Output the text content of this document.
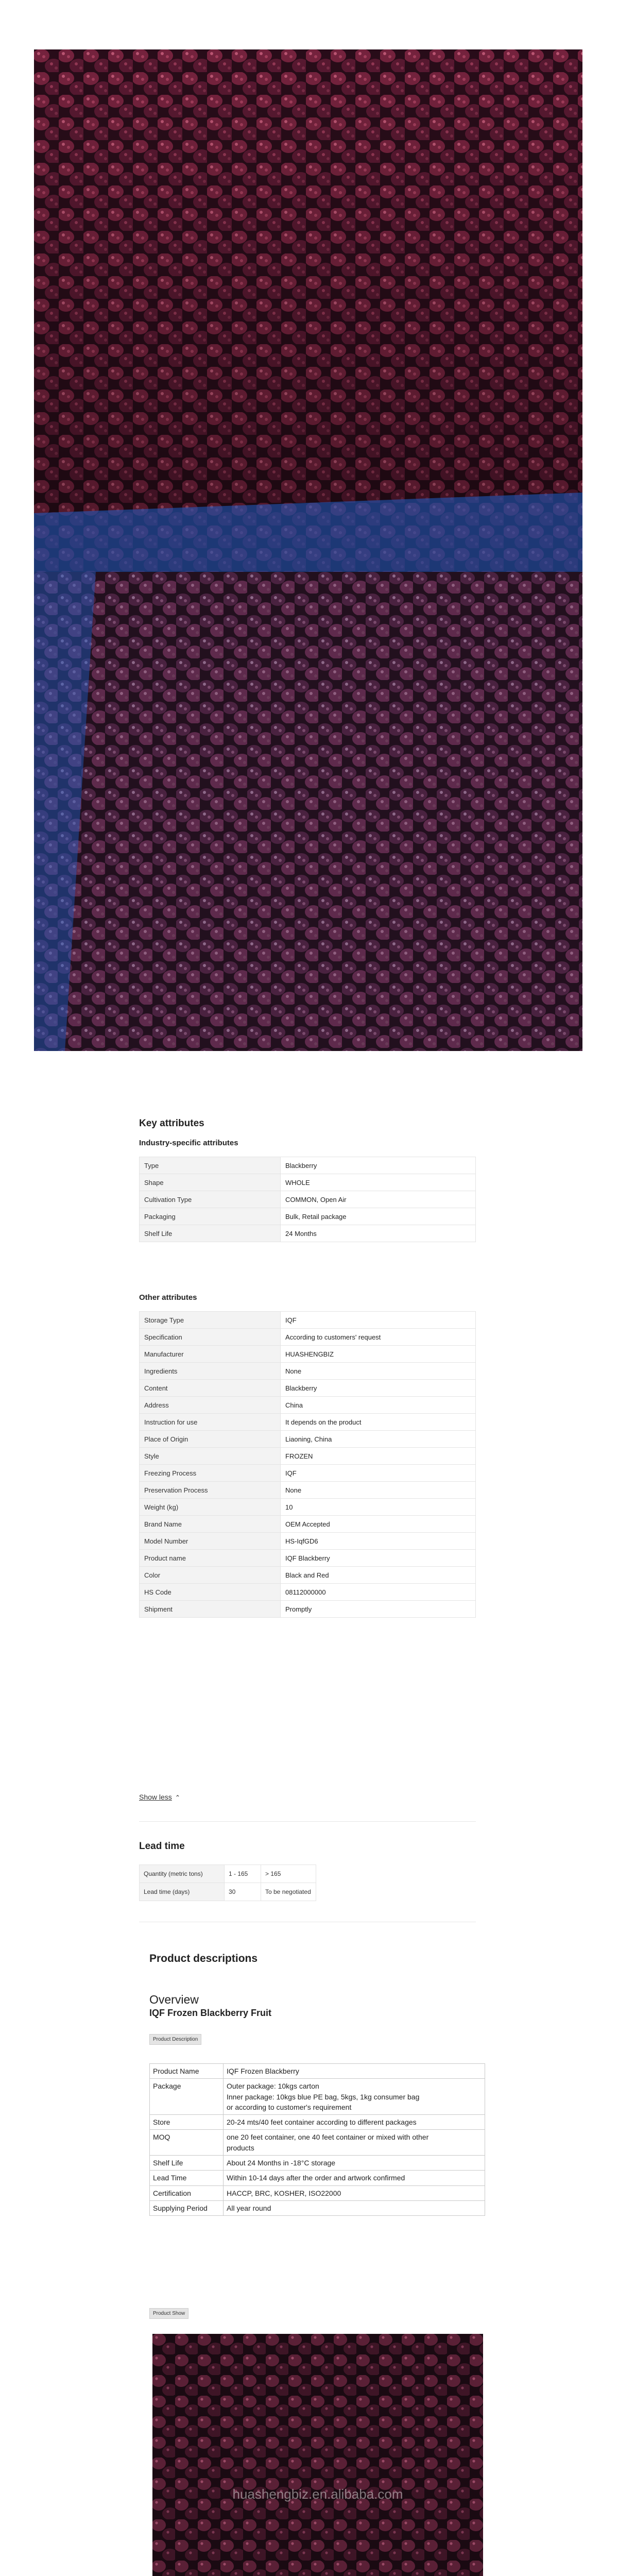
Key attributes
Industry-specific attributes
Type	Blackberry
Shape	WHOLE
Cultivation Type	COMMON, Open Air
Packaging	Bulk, Retail package
Shelf Life	24 Months
Other attributes
Storage Type	IQF
Specification	According to customers' request
Manufacturer	HUASHENGBIZ
Ingredients	None
Content	Blackberry
Address	China
Instruction for use	It depends on the product
Place of Origin	Liaoning, China
Style	FROZEN
Freezing Process	IQF
Preservation Process	None
Weight (kg)	10
Brand Name	OEM Accepted
Model Number	HS-IqfGD6
Product name	IQF Blackberry
Color	Black and Red
HS Code	08112000000
Shipment	Promptly
Show less ⌃
Lead time
Quantity (metric tons)	1 - 165	> 165
Lead time (days)	30	To be negotiated
Product descriptions
Overview
IQF Frozen Blackberry Fruit
Product Description
Product Name	IQF Frozen Blackberry

Package	Outer package: 10kgs carton
Inner package: 10kgs blue PE bag, 5kgs, 1kg consumer bag
or according to customer's requirement

Store	20-24 mts/40 feet container according to different packages

MOQ	one 20 feet container, one 40 feet container or mixed with other
products

Shelf Life	About 24 Months in -18°C storage

Lead Time	Within 10-14 days after the order and artwork confirmed

Certification	HACCP, BRC, KOSHER, ISO22000

Supplying Period	All year round
Product Show
huashengbiz.en.alibaba.com
